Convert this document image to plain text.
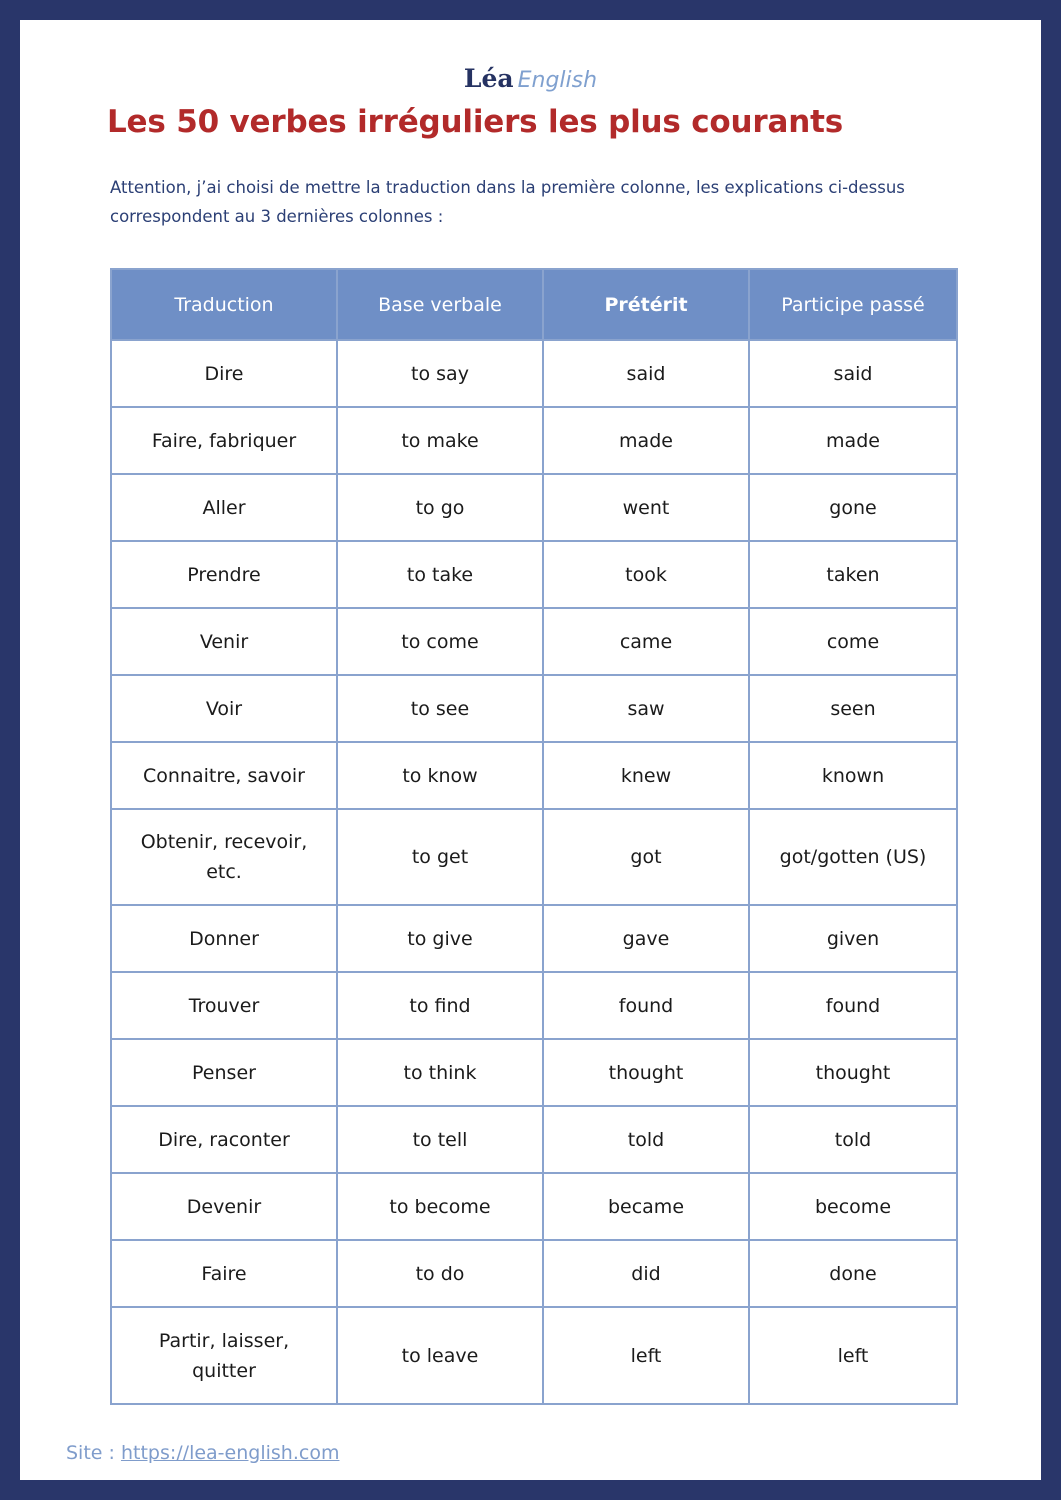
Léa English
Les 50 verbes irréguliers les plus courants

Attention, j’ai choisi de mettre la traduction dans la première colonne, les explications ci-dessus correspondent au 3 dernières colonnes :

Traduction	Base verbale	Prétérit	Participe passé
Dire	to say	said	said
Faire, fabriquer	to make	made	made
Aller	to go	went	gone
Prendre	to take	took	taken
Venir	to come	came	come
Voir	to see	saw	seen
Connaitre, savoir	to know	knew	known
Obtenir, recevoir, etc.	to get	got	got/gotten (US)
Donner	to give	gave	given
Trouver	to find	found	found
Penser	to think	thought	thought
Dire, raconter	to tell	told	told
Devenir	to become	became	become
Faire	to do	did	done
Partir, laisser, quitter	to leave	left	left
Site : https://lea-english.com
